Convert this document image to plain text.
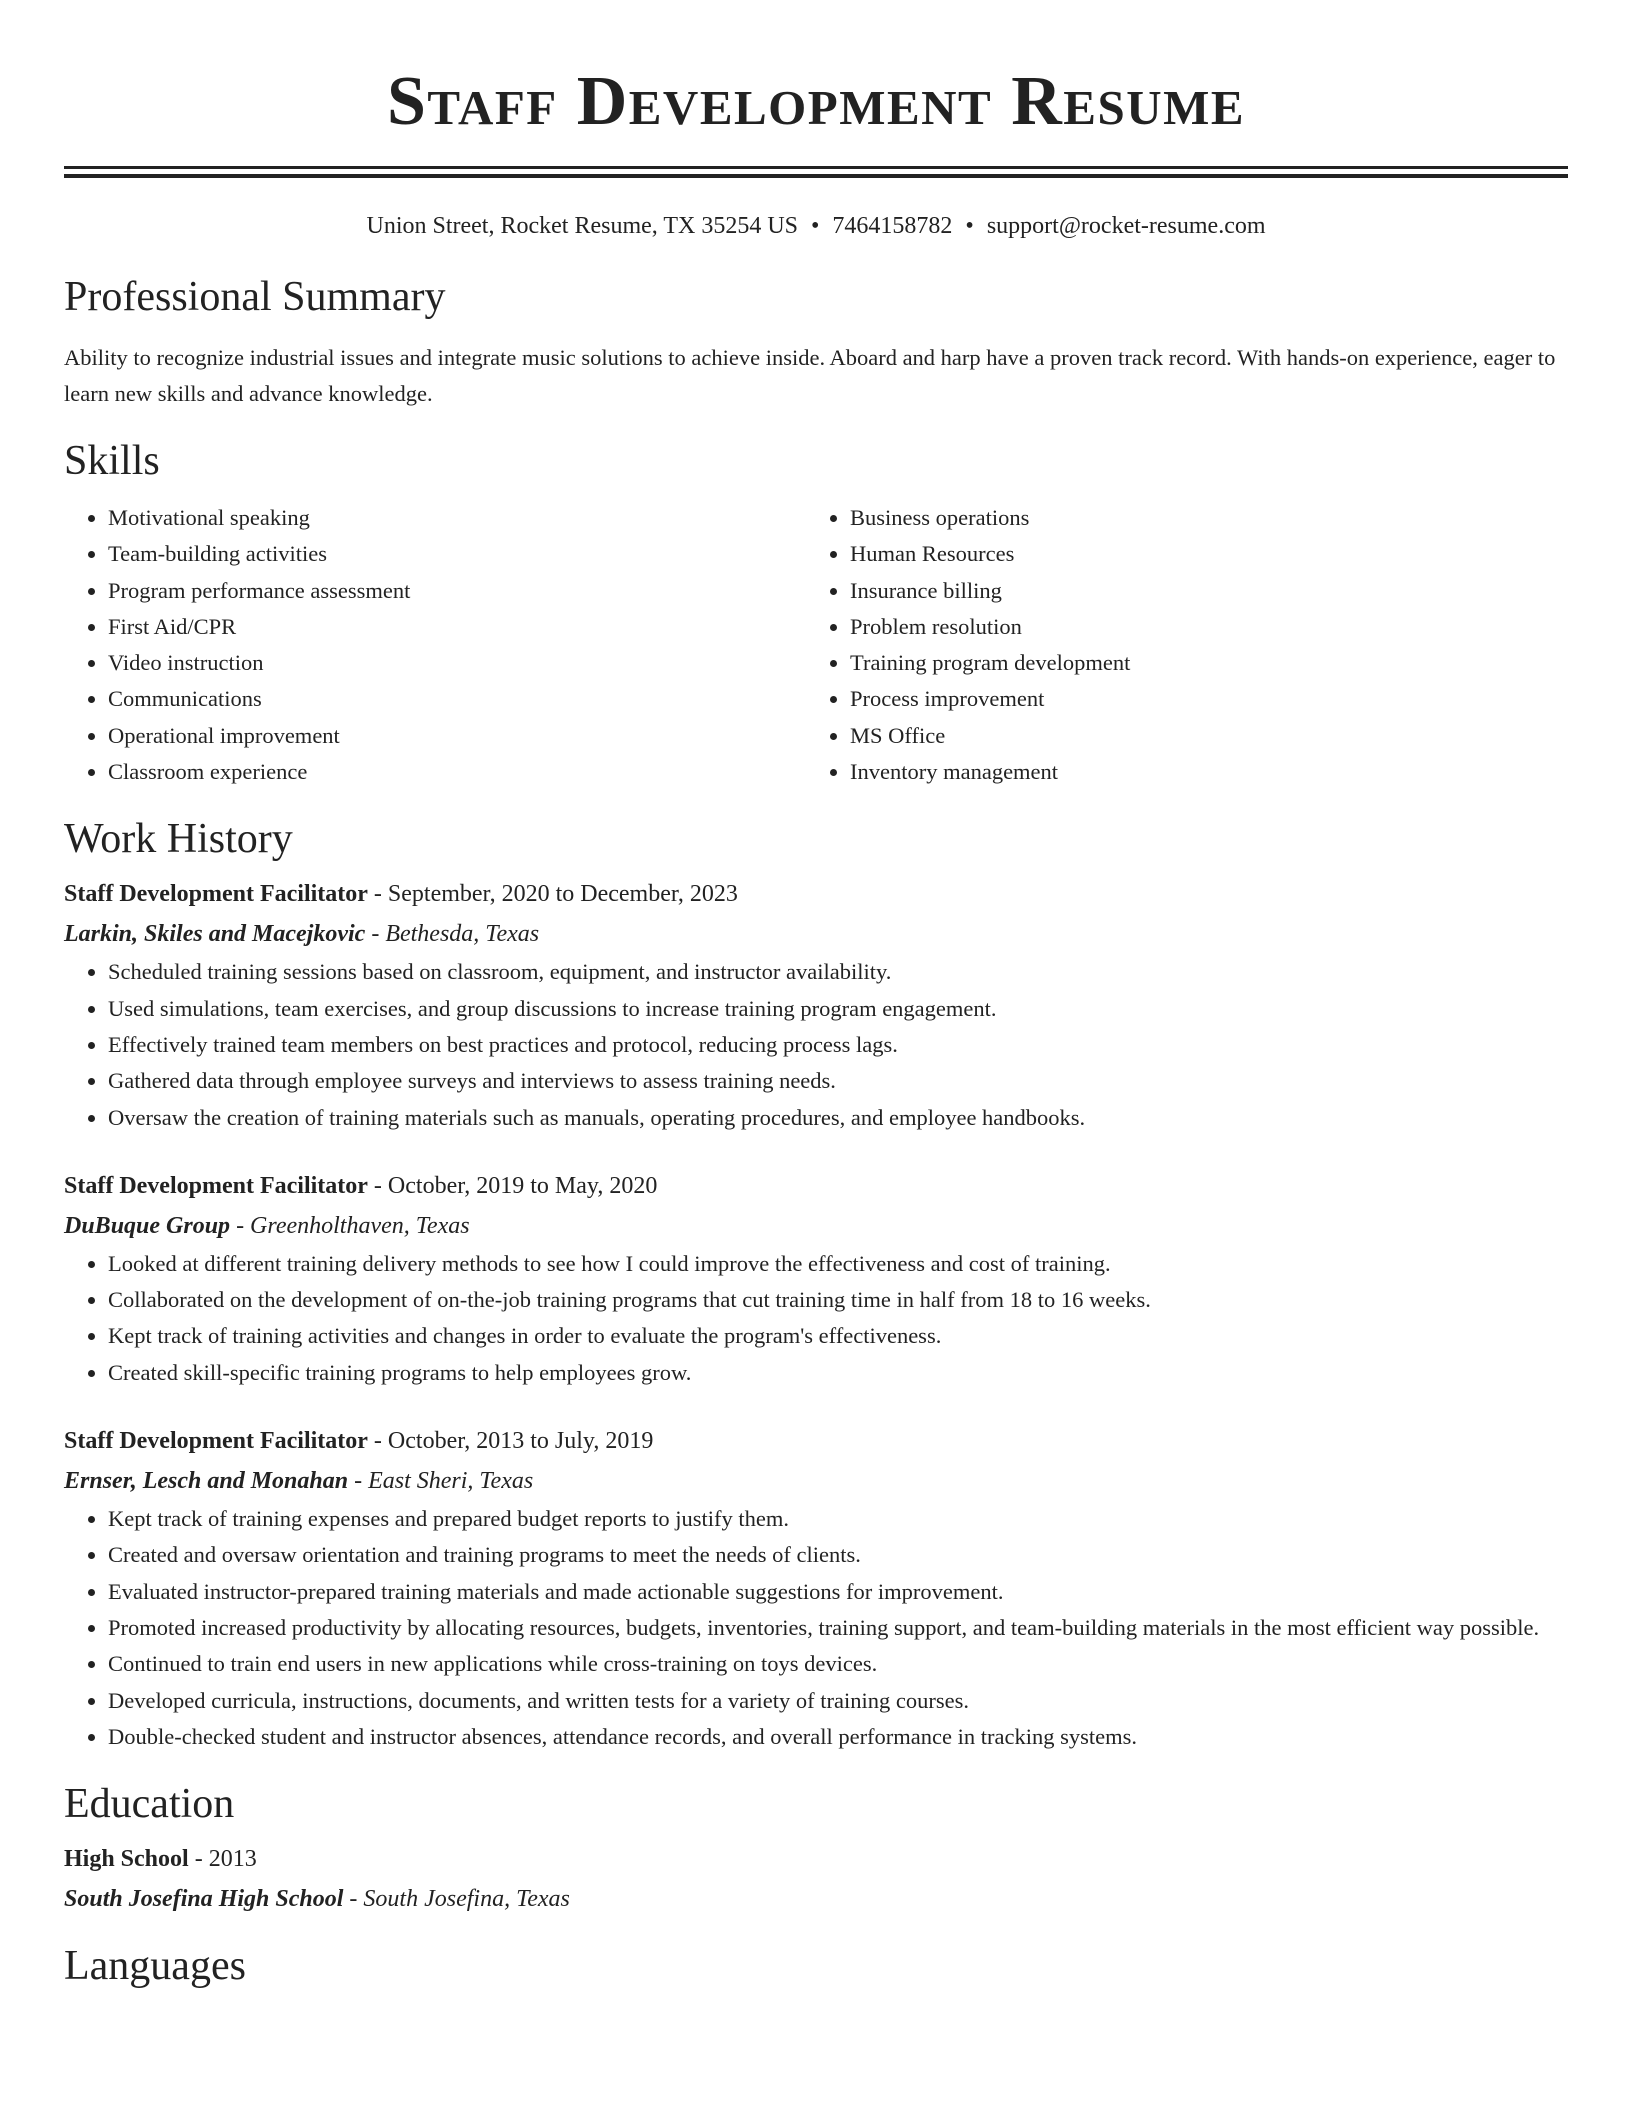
Staff Development Resume
Union Street, Rocket Resume, TX 35254 US • 7464158782 • support@rocket-resume.com
Professional Summary

Ability to recognize industrial issues and integrate music solutions to achieve inside. Aboard and harp have a proven track record. With hands-on experience, eager to learn new skills and advance knowledge.

Skills
• Motivational speaking
• Team-building activities
• Program performance assessment
• First Aid/CPR
• Video instruction
• Communications
• Operational improvement
• Classroom experience
• Business operations
• Human Resources
• Insurance billing
• Problem resolution
• Training program development
• Process improvement
• MS Office
• Inventory management
Work History
Staff Development Facilitator - September, 2020 to December, 2023
Larkin, Skiles and Macejkovic - Bethesda, Texas
• Scheduled training sessions based on classroom, equipment, and instructor availability.
• Used simulations, team exercises, and group discussions to increase training program engagement.
• Effectively trained team members on best practices and protocol, reducing process lags.
• Gathered data through employee surveys and interviews to assess training needs.
• Oversaw the creation of training materials such as manuals, operating procedures, and employee handbooks.
Staff Development Facilitator - October, 2019 to May, 2020
DuBuque Group - Greenholthaven, Texas
• Looked at different training delivery methods to see how I could improve the effectiveness and cost of training.
• Collaborated on the development of on-the-job training programs that cut training time in half from 18 to 16 weeks.
• Kept track of training activities and changes in order to evaluate the program's effectiveness.
• Created skill-specific training programs to help employees grow.
Staff Development Facilitator - October, 2013 to July, 2019
Ernser, Lesch and Monahan - East Sheri, Texas
• Kept track of training expenses and prepared budget reports to justify them.
• Created and oversaw orientation and training programs to meet the needs of clients.
• Evaluated instructor-prepared training materials and made actionable suggestions for improvement.
• Promoted increased productivity by allocating resources, budgets, inventories, training support, and team-building materials in the most efficient way possible.
• Continued to train end users in new applications while cross-training on toys devices.
• Developed curricula, instructions, documents, and written tests for a variety of training courses.
• Double-checked student and instructor absences, attendance records, and overall performance in tracking systems.
Education
High School - 2013
South Josefina High School - South Josefina, Texas
Languages
